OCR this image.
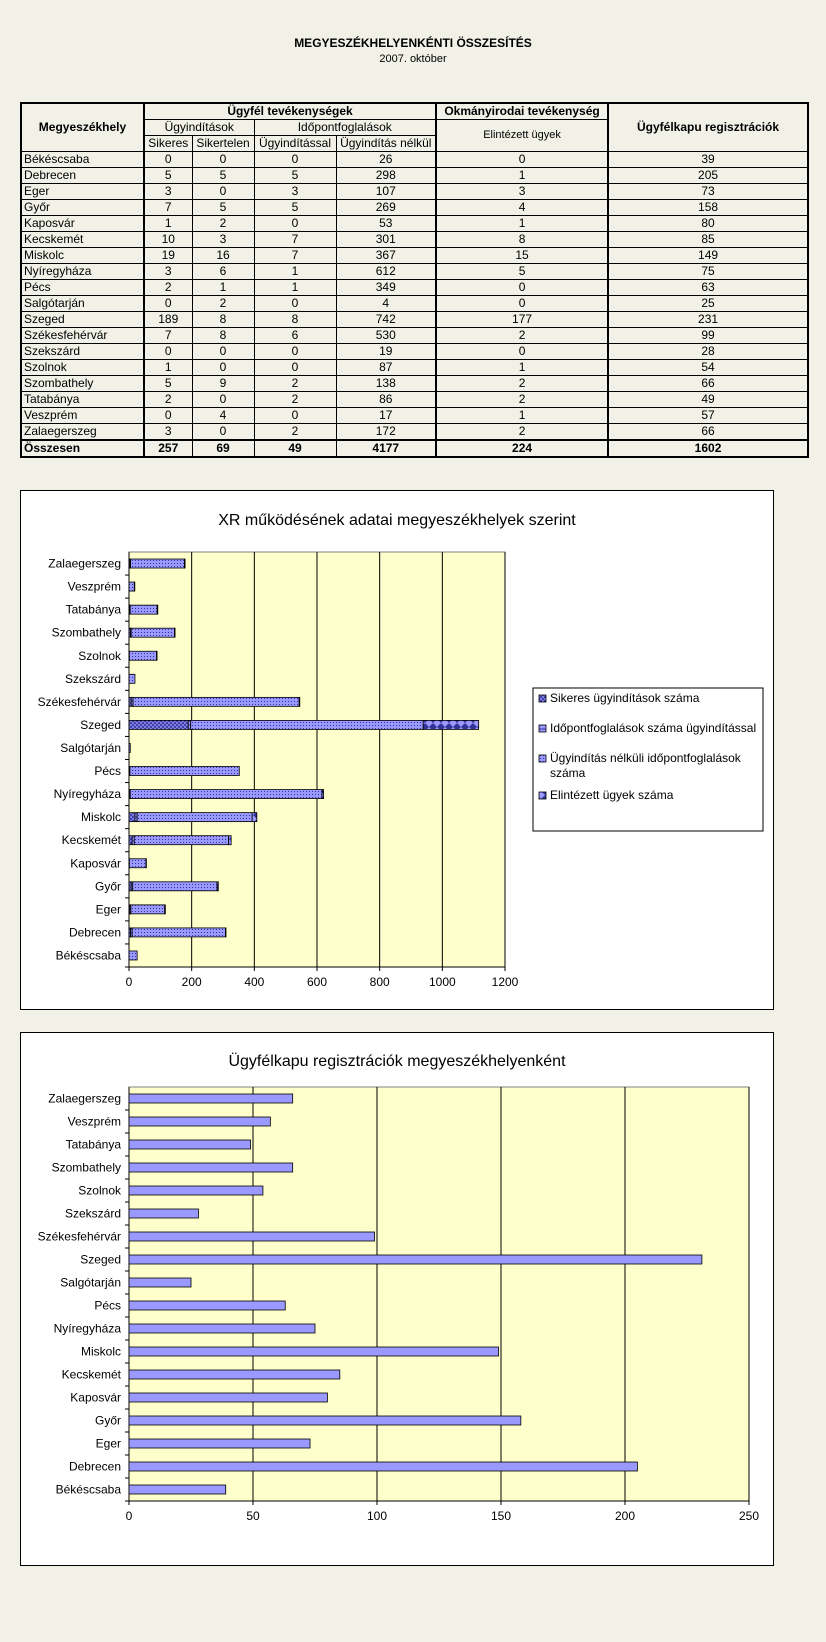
MEGYESZÉKHELYENKÉNTI ÖSSZESÍTÉS
2007. október
Megyeszékhely	Ügyfél tevékenységek				Okmányirodai tevékenység	Ügyfélkapu regisztrációk
	Ügyindítások		Időpontfoglalások		Elintézett ügyek	
	Sikeres	Sikertelen	Ügyindítással	Ügyindítás nélkül		
Békéscsaba	0	0	0	26	0	39
Debrecen	5	5	5	298	1	205
Eger	3	0	3	107	3	73
Győr	7	5	5	269	4	158
Kaposvár	1	2	0	53	1	80
Kecskemét	10	3	7	301	8	85
Miskolc	19	16	7	367	15	149
Nyíregyháza	3	6	1	612	5	75
Pécs	2	1	1	349	0	63
Salgótarján	0	2	0	4	0	25
Szeged	189	8	8	742	177	231
Székesfehérvár	7	8	6	530	2	99
Szekszárd	0	0	0	19	0	28
Szolnok	1	0	0	87	1	54
Szombathely	5	9	2	138	2	66
Tatabánya	2	0	2	86	2	49
Veszprém	0	4	0	17	1	57
Zalaegerszeg	3	0	2	172	2	66
Összesen	257	69	49	4177	224	1602
XR működésének adatai megyeszékhelyek szerint
0	200	400	600	800	1000	1200
Békéscsaba
Debrecen
Eger
Győr
Kaposvár
Kecskemét
Miskolc
Nyíregyháza
Pécs
Salgótarján
Szeged
Székesfehérvár
Szekszárd
Szolnok
Szombathely
Tatabánya
Veszprém
Zalaegerszeg
Sikeres ügyindítások száma
Időpontfoglalások száma ügyindítással
Ügyindítás nélküli időpontfoglalások száma
Elintézett ügyek száma
Ügyfélkapu regisztrációk megyeszékhelyenként
0	50	100	150	200	250
Békéscsaba
Debrecen
Eger
Győr
Kaposvár
Kecskemét
Miskolc
Nyíregyháza
Pécs
Salgótarján
Szeged
Székesfehérvár
Szekszárd
Szolnok
Szombathely
Tatabánya
Veszprém
Zalaegerszeg
